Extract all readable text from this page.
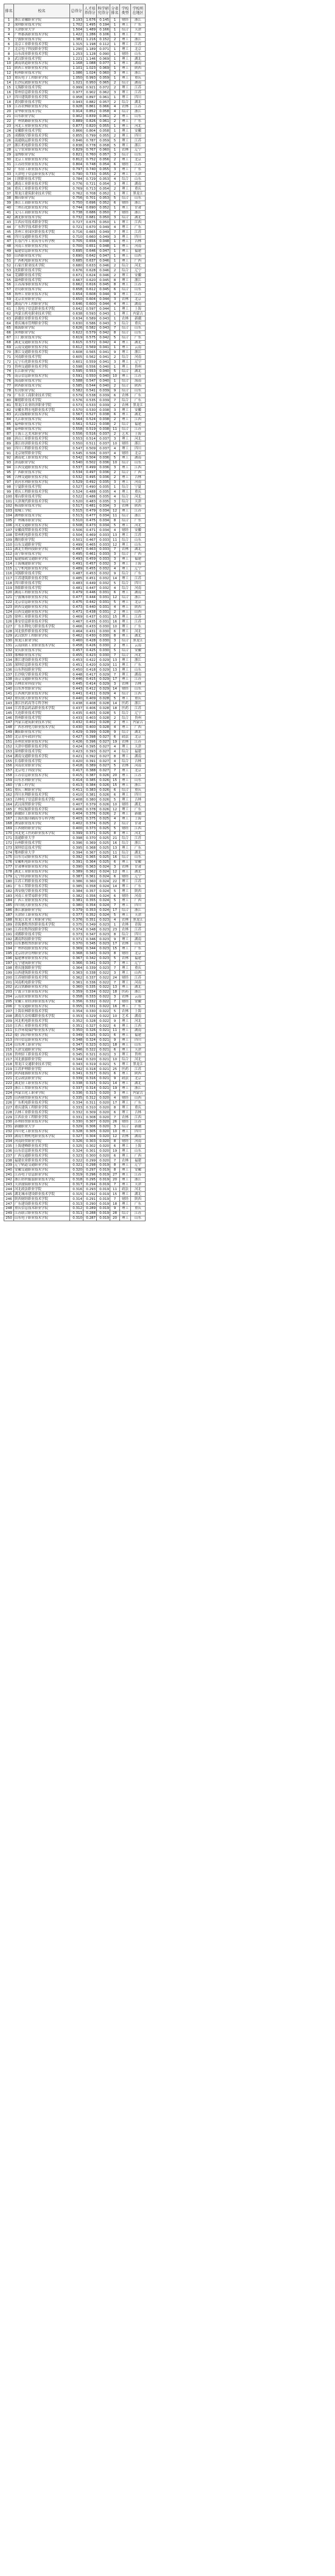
排名	校名	总得分	人才培养得分	科学研究得分	分省排名	学校类型	学校所在地区
1	浙江金融职业学院	3.193	1.676	0.145	1	财经	浙江
2	深圳职业技术学院	1.702	1.495	0.194	1	理工	广东
3	天津职业大学	1.504	1.489	0.166	1	综合	天津
4	广州番禺职业技术学院	1.422	1.286	0.106	1	理工	广东
5	宁波职业技术学院	1.381	1.216	0.152	2	理工	浙江
6	南京工业职业技术学院	1.315	1.198	0.112	1	理工	江苏
7	北京电子科技职业学院	1.290	1.189	0.071	1	理工	北京
8	山东商业职业技术学院	1.253	1.128	0.090	1	财经	山东
9	武汉职业技术学院	1.221	1.146	0.069	1	理工	湖北
10	湖南铁道职业技术学院	1.168	1.088	0.077	1	理工	湖南
11	陕西工业职业技术学院	1.101	1.023	0.069	1	理工	陕西
12	杭州职业技术学院	1.086	1.024	0.060	3	理工	浙江
13	重庆电子工程职业学院	1.050	0.993	0.059	1	理工	重庆
14	长沙民政职业技术学院	1.021	0.950	0.065	2	综合	湖南
15	无锡职业技术学院	0.999	0.921	0.072	2	理工	江苏
16	常州信息职业技术学院	0.977	0.902	0.062	3	理工	江苏
17	四川建筑职业技术学院	0.958	0.897	0.061	1	理工	四川
18	黄冈职业技术学院	0.943	0.882	0.057	2	综合	湖北
19	江苏农林职业技术学院	0.928	0.861	0.066	4	农林	江苏
20	金华职业技术学院	0.914	0.852	0.058	4	综合	浙江
21	山东职业学院	0.902	0.839	0.061	2	理工	山东
22	广州铁路职业技术学院	0.889	0.826	0.061	2	理工	广东
23	河北工业职业技术学院	0.877	0.820	0.055	1	理工	河北
24	安徽职业技术学院	0.866	0.804	0.058	1	理工	安徽
25	成都航空职业技术学院	0.855	0.799	0.055	2	理工	四川
26	南通航运职业技术学院	0.846	0.787	0.059	5	理工	江苏
27	浙江机电职业技术学院	0.838	0.778	0.058	5	理工	浙江
28	辽宁农业职业技术学院	0.829	0.767	0.060	1	农林	辽宁
29	淄博职业学院	0.821	0.760	0.057	3	综合	山东
30	北京工业职业技术学院	0.812	0.752	0.056	2	理工	北京
31	江苏经贸职业技术学院	0.804	0.748	0.054	6	财经	江苏
32	广东轻工职业技术学院	0.797	0.740	0.055	3	理工	广东
33	天津电子信息职业技术学院	0.790	0.733	0.055	2	理工	天津
34	日照职业技术学院	0.784	0.729	0.053	4	综合	山东
35	湖南工业职业技术学院	0.776	0.721	0.054	3	理工	湖南
36	重庆工业职业技术学院	0.769	0.713	0.054	2	理工	重庆
37	黑龙江建筑职业技术学院	0.762	0.708	0.052	1	理工	黑龙江
38	烟台职业学院	0.756	0.701	0.053	5	综合	山东
39	浙江工商职业技术学院	0.750	0.696	0.052	6	财经	浙江
40	兰州石化职业技术学院	0.744	0.690	0.052	1	理工	甘肃
41	义乌工商职业技术学院	0.738	0.686	0.050	7	财经	浙江
42	湖北职业技术学院	0.732	0.681	0.050	3	综合	湖北
43	江西应用技术职业学院	0.727	0.675	0.050	1	理工	江西
44	广东科学技术职业学院	0.721	0.670	0.049	4	理工	广东
45	苏州工业园区职业技术学院	0.716	0.665	0.049	7	理工	江苏
46	四川交通职业技术学院	0.710	0.660	0.049	3	理工	四川
47	长春汽车工业高等专科学校	0.705	0.656	0.048	1	理工	吉林
48	河南工业职业技术学院	0.700	0.651	0.048	1	理工	河南
49	福建信息职业技术学院	0.695	0.646	0.047	1	理工	福建
50	山西职业技术学院	0.690	0.642	0.047	1	理工	山西
51	广西机电职业技术学院	0.685	0.637	0.046	1	理工	广西
52	石家庄职业技术学院	0.680	0.633	0.046	2	综合	河北
53	沈阳职业技术学院	0.676	0.628	0.046	2	综合	辽宁
54	芜湖职业技术学院	0.671	0.624	0.046	2	理工	安徽
55	温州职业技术学院	0.667	0.620	0.045	8	理工	浙江
56	江苏海事职业技术学院	0.662	0.616	0.045	8	理工	江苏
57	青岛职业技术学院	0.658	0.612	0.045	6	综合	山东
58	扬州工业职业技术学院	0.654	0.608	0.044	9	理工	江苏
59	北京农业职业学院	0.650	0.604	0.044	3	农林	北京
60	湖南汽车工程职业学院	0.646	0.600	0.044	4	理工	湖南
61	上海电子信息职业技术学院	0.642	0.597	0.044	1	理工	上海
62	内蒙古机电职业技术学院	0.638	0.593	0.043	1	理工	内蒙古
63	新疆农业职业技术学院	0.634	0.589	0.043	1	农林	新疆
64	重庆城市管理职业学院	0.630	0.586	0.043	3	综合	重庆
65	威海职业学院	0.626	0.582	0.043	7	综合	山东
66	滨州职业学院	0.622	0.579	0.042	8	综合	山东
67	江门职业技术学院	0.619	0.575	0.042	5	综合	广东
68	湖北交通职业技术学院	0.615	0.572	0.042	4	理工	湖北
69	云南交通职业技术学院	0.612	0.569	0.041	1	理工	云南
70	浙江交通职业技术学院	0.608	0.565	0.041	9	理工	浙江
71	河南职业技术学院	0.605	0.562	0.041	2	综合	河南
72	辽宁石化职业技术学院	0.601	0.559	0.041	3	理工	辽宁
73	贵州交通职业技术学院	0.598	0.556	0.040	1	理工	贵州
74	长江职业学院	0.595	0.553	0.040	5	综合	湖北
75	南京信息职业技术学院	0.591	0.550	0.040	10	理工	江苏
76	海南职业技术学院	0.588	0.547	0.040	1	综合	海南
77	陕西职业技术学院	0.585	0.544	0.040	2	综合	陕西
78	东营职业学院	0.582	0.541	0.039	9	综合	山东
79	广东农工商职业技术学院	0.579	0.538	0.039	6	农林	广东
80	顺德职业技术学院	0.576	0.535	0.039	7	综合	广东
81	黑龙江农业经济职业学院	0.573	0.533	0.039	2	农林	黑龙江
82	安徽水利水电职业技术学院	0.570	0.530	0.038	3	理工	安徽
83	武汉船舶职业技术学院	0.567	0.527	0.038	6	理工	湖北
84	九江职业技术学院	0.564	0.524	0.038	2	理工	江西
85	福州职业技术学院	0.561	0.522	0.038	2	综合	福建
86	泰州职业技术学院	0.558	0.519	0.038	11	综合	江苏
87	上海工艺美术职业学院	0.556	0.516	0.037	2	艺术	上海
88	唐山工业职业技术学院	0.553	0.514	0.037	3	理工	河北
89	浙江经济职业技术学院	0.550	0.511	0.037	10	财经	浙江
90	四川工程职业技术学院	0.547	0.509	0.037	4	理工	四川
91	北京财贸职业学院	0.545	0.506	0.037	4	财经	北京
92	湖南化工职业技术学院	0.542	0.504	0.036	5	理工	湖南
93	济南职业学院	0.540	0.502	0.036	10	综合	山东
94	江西交通职业技术学院	0.537	0.499	0.036	3	理工	江西
95	广西职业技术学院	0.534	0.497	0.036	2	综合	广西
96	吉林交通职业技术学院	0.532	0.495	0.036	2	理工	吉林
97	黄河水利职业技术学院	0.529	0.492	0.035	3	理工	河南
98	宁夏职业技术学院	0.527	0.490	0.035	1	综合	宁夏
99	重庆工程职业技术学院	0.524	0.488	0.035	4	理工	重庆
100	邢台职业技术学院	0.522	0.486	0.035	4	综合	河北
101	天津现代职业技术学院	0.520	0.483	0.035	3	综合	天津
102	杨凌职业技术学院	0.517	0.481	0.034	3	农林	陕西
103	盐城工学院	0.515	0.479	0.034	12	理工	江苏
104	湖州职业技术学院	0.513	0.477	0.034	11	综合	浙江
105	广州城市职业学院	0.510	0.475	0.034	8	综合	广东
106	河北交通职业技术学院	0.508	0.473	0.034	5	理工	河北
107	安徽商贸职业技术学院	0.506	0.471	0.034	4	财经	安徽
108	常州机电职业技术学院	0.504	0.469	0.033	13	理工	江苏
109	潍坊职业学院	0.501	0.467	0.033	11	综合	山东
110	山东交通职业学院	0.499	0.465	0.033	12	理工	山东
111	湖北生物科技职业学院	0.497	0.463	0.033	7	农林	湖北
112	南宁职业技术学院	0.495	0.461	0.033	3	综合	广西
113	福建船政交通职业学院	0.493	0.459	0.033	3	理工	福建
114	上海城建职业学院	0.491	0.457	0.032	3	理工	上海
115	辽宁机电职业技术学院	0.489	0.455	0.032	4	理工	辽宁
116	河源职业技术学院	0.487	0.453	0.032	9	综合	广东
117	江苏建筑职业技术学院	0.485	0.451	0.032	14	理工	江苏
118	四川职业技术学院	0.483	0.449	0.032	5	综合	四川
119	洛阳职业技术学院	0.481	0.447	0.032	4	综合	河南
120	湖南工程职业技术学院	0.479	0.446	0.031	6	理工	湖南
121	宁波城市职业技术学院	0.477	0.444	0.031	12	综合	浙江
122	北京信息职业技术学院	0.475	0.442	0.031	5	理工	北京
123	陕西交通职业技术学院	0.473	0.440	0.031	4	理工	陕西
124	山西交通职业技术学院	0.471	0.438	0.031	2	理工	山西
125	徐州工业职业技术学院	0.469	0.437	0.031	15	理工	江苏
126	淮安信息职业技术学院	0.467	0.435	0.031	16	理工	江苏
127	广东水利电力职业技术学院	0.466	0.433	0.030	10	理工	广东
128	河北软件职业技术学院	0.464	0.431	0.030	6	理工	河北
129	武汉软件工程职业学院	0.462	0.430	0.030	8	理工	湖北
130	黑龙江职业学院	0.460	0.428	0.030	3	综合	黑龙江
131	云南国防工业职业技术学院	0.458	0.426	0.030	2	理工	云南
132	安庆职业技术学院	0.457	0.425	0.030	5	综合	安徽
133	邯郸职业技术学院	0.455	0.423	0.030	7	综合	河北
134	浙江建设职业技术学院	0.453	0.422	0.029	13	理工	浙江
135	深圳信息职业技术学院	0.451	0.420	0.029	11	理工	广东
136	山东科技职业学院	0.450	0.418	0.029	13	理工	山东
137	长沙航空职业技术学院	0.448	0.417	0.029	7	理工	湖南
138	南京交通职业技术学院	0.446	0.415	0.029	17	理工	江苏
139	吉林农业科技学院	0.445	0.414	0.029	3	农林	吉林
140	山东外贸职业学院	0.443	0.412	0.029	14	财经	山东
141	江西现代职业技术学院	0.441	0.411	0.029	4	综合	江西
142	重庆航天职业技术学院	0.440	0.409	0.028	5	理工	重庆
143	浙江医药高等专科学校	0.438	0.408	0.028	14	医药	浙江
144	江苏食品药品职业技术学院	0.437	0.406	0.028	18	医药	江苏
145	大连职业技术学院	0.435	0.405	0.028	5	综合	辽宁
146	贵州职业技术学院	0.433	0.403	0.028	2	综合	贵州
147	内蒙古建筑职业技术学院	0.432	0.402	0.028	2	理工	内蒙古
148	广西水利电力职业技术学院	0.430	0.400	0.028	4	理工	广西
149	襄阳职业技术学院	0.429	0.399	0.028	9	综合	湖北
150	北京青年政治学院	0.427	0.398	0.027	6	政法	北京
151	苏州农业职业技术学院	0.426	0.396	0.027	19	农林	江苏
152	天津中德职业技术学院	0.424	0.395	0.027	4	理工	天津
153	漳州职业技术学院	0.423	0.393	0.027	4	综合	福建
154	湖南交通职业技术学院	0.421	0.392	0.027	8	理工	湖南
155	长春职业技术学院	0.420	0.391	0.027	4	综合	吉林
156	河南农业职业学院	0.418	0.389	0.027	5	农林	河南
157	北京电子科技学院	0.417	0.388	0.027	7	理工	北京
158	江苏信息职业技术学院	0.415	0.387	0.026	20	理工	江苏
159	山东水利职业学院	0.414	0.385	0.026	15	理工	山东
160	宁波工程学院	0.413	0.384	0.026	15	理工	浙江
161	重庆三峡职业学院	0.411	0.383	0.026	6	综合	重庆
162	四川水利职业技术学院	0.410	0.381	0.026	6	理工	四川
163	吉林电子信息职业技术学院	0.408	0.380	0.026	5	理工	吉林
164	武汉商贸职业学院	0.407	0.379	0.026	10	财经	湖北
165	广州民航职业技术学院	0.406	0.378	0.026	12	理工	广东
166	新疆轻工职业技术学院	0.404	0.376	0.026	2	理工	新疆
167	上海出版印刷高等专科学校	0.403	0.375	0.025	4	理工	上海
168	酒泉职业技术学院	0.402	0.374	0.025	2	综合	甘肃
169	江西财经职业学院	0.400	0.373	0.025	5	财经	江西
170	河北化工医药职业技术学院	0.399	0.371	0.025	8	理工	河北
171	南通职业大学	0.398	0.370	0.025	21	综合	江苏
172	台州职业技术学院	0.396	0.369	0.025	16	综合	浙江
173	深圳信息技术学院	0.395	0.368	0.025	13	理工	广东
174	鄂州职业大学	0.394	0.367	0.025	11	综合	湖北
175	山东劳动职业技术学院	0.392	0.365	0.025	16	综合	山东
176	安徽机电职业技术学院	0.391	0.364	0.025	6	理工	安徽
177	甘肃林业职业技术学院	0.390	0.363	0.024	3	农林	甘肃
178	湖北工业职业技术学院	0.389	0.362	0.024	12	理工	湖北
179	辽宁经济职业技术学院	0.387	0.361	0.024	6	财经	辽宁
180	江苏工程职业技术学院	0.386	0.360	0.024	22	理工	江苏
181	广东工贸职业技术学院	0.385	0.358	0.024	14	理工	广东
182	西安航空职业技术学院	0.384	0.357	0.024	5	理工	陕西
183	河南工业贸易职业学院	0.382	0.356	0.024	6	财经	河南
184	广西工业职业技术学院	0.381	0.355	0.024	5	理工	广西
185	四川航天职业技术学院	0.380	0.354	0.024	7	理工	四川
186	浙江旅游职业学院	0.379	0.353	0.024	17	综合	浙江
187	天津轻工职业技术学院	0.377	0.352	0.024	5	理工	天津
188	黑龙江农业工程职业学院	0.376	0.351	0.023	4	农林	黑龙江
189	青海畜牧兽医职业技术学院	0.375	0.349	0.023	1	农林	青海
190	江苏农牧科技职业学院	0.374	0.348	0.023	23	农林	江苏
191	成都职业技术学院	0.373	0.347	0.023	8	综合	四川
192	湖南科技职业学院	0.371	0.346	0.023	9	理工	湖南
193	山东畜牧兽医职业学院	0.370	0.345	0.023	17	农林	山东
194	广州科技职业技术学院	0.369	0.344	0.023	15	理工	广东
195	北京经济管理职业学院	0.368	0.343	0.023	8	财经	北京
196	福建林业职业技术学院	0.367	0.342	0.023	5	农林	福建
197	辽宁建筑职业学院	0.366	0.341	0.023	7	理工	辽宁
198	重庆能源职业学院	0.364	0.339	0.023	7	理工	重庆
199	山西建筑职业技术学院	0.363	0.338	0.022	3	理工	山西
200	江苏财经职业技术学院	0.362	0.337	0.022	24	财经	江苏
201	河南机电职业学院	0.361	0.336	0.022	7	理工	河南
202	武汉铁路职业技术学院	0.360	0.335	0.022	13	理工	湖北
203	宁波卫生职业技术学院	0.359	0.334	0.022	18	医药	浙江
204	云南农业职业技术学院	0.358	0.333	0.022	3	农林	云南
205	安徽工业经济职业技术学院	0.356	0.332	0.022	7	财经	安徽
206	广东交通职业技术学院	0.355	0.331	0.022	16	理工	广东
207	上海农林职业技术学院	0.354	0.330	0.022	5	农林	上海
208	湖南大众传媒职业技术学院	0.353	0.329	0.022	10	艺术	湖南
209	河北机电职业技术学院	0.352	0.328	0.022	9	理工	河北
210	江西工业职业技术学院	0.351	0.327	0.022	6	理工	江西
211	长沙环境保护职业技术学院	0.350	0.326	0.021	11	理工	湖南
212	厦门海洋职业技术学院	0.349	0.325	0.021	6	理工	福建
213	四川信息职业技术学院	0.348	0.324	0.021	9	理工	四川
214	山东理工职业学院	0.347	0.323	0.021	18	理工	山东
215	天津交通职业学院	0.346	0.322	0.021	6	理工	天津
216	贵州轻工职业技术学院	0.345	0.321	0.021	3	理工	贵州
217	河北旅游职业学院	0.344	0.320	0.021	10	综合	河北
218	黑龙江交通职业技术学院	0.343	0.319	0.021	5	理工	黑龙江
219	江苏护理职业学院	0.342	0.318	0.021	25	医药	江苏
220	陕西能源职业技术学院	0.341	0.317	0.021	6	理工	陕西
221	北京政法职业学院	0.339	0.316	0.021	9	政法	北京
222	湖北轻工职业技术学院	0.338	0.315	0.021	14	理工	湖北
223	浙江工贸职业技术学院	0.337	0.314	0.021	19	理工	浙江
224	内蒙古化工职业学院	0.336	0.313	0.020	3	理工	内蒙古
225	山西财贸职业技术学院	0.335	0.312	0.020	4	财经	山西
226	广东机电职业技术学院	0.334	0.311	0.020	17	理工	广东
227	重庆建筑工程职业学院	0.333	0.310	0.020	8	理工	重庆
228	吉林工业职业技术学院	0.332	0.309	0.020	6	理工	吉林
229	江西农业工程职业学院	0.331	0.308	0.020	7	农林	江西
230	苏州经贸职业技术学院	0.330	0.307	0.020	26	财经	江苏
231	新疆职业大学	0.329	0.306	0.020	3	综合	新疆
232	四川化工职业技术学院	0.328	0.305	0.020	10	理工	四川
233	湖南生物机电职业技术学院	0.327	0.304	0.020	12	农林	湖南
234	河南经贸职业学院	0.326	0.303	0.020	8	财经	河南
235	上海建峰职业技术学院	0.325	0.302	0.020	6	理工	上海
236	山东信息职业技术学院	0.324	0.301	0.020	19	理工	山东
237	广西交通职业技术学院	0.323	0.300	0.020	6	理工	广西
238	福建农业职业技术学院	0.322	0.299	0.020	7	农林	福建
239	辽宁轨道交通职业学院	0.321	0.298	0.019	8	理工	辽宁
240	安徽交通职业技术学院	0.320	0.297	0.019	8	理工	安徽
241	江苏电子信息职业学院	0.319	0.296	0.019	27	理工	江苏
242	浙江纺织服装职业技术学院	0.318	0.295	0.019	20	理工	浙江
243	天津渤海职业技术学院	0.317	0.294	0.019	7	理工	天津
244	河北政法职业学院	0.316	0.293	0.019	11	政法	河北
245	湖北城市建设职业技术学院	0.315	0.292	0.019	15	理工	湖北
246	陕西财经职业技术学院	0.314	0.291	0.019	7	财经	陕西
247	广东建设职业技术学院	0.313	0.290	0.019	18	理工	广东
248	重庆信息技术职业学院	0.312	0.289	0.019	9	理工	重庆
249	江苏联合职业技术学院	0.311	0.288	0.019	28	综合	江苏
250	山东电子职业技术学院	0.310	0.287	0.019	20	理工	山东
